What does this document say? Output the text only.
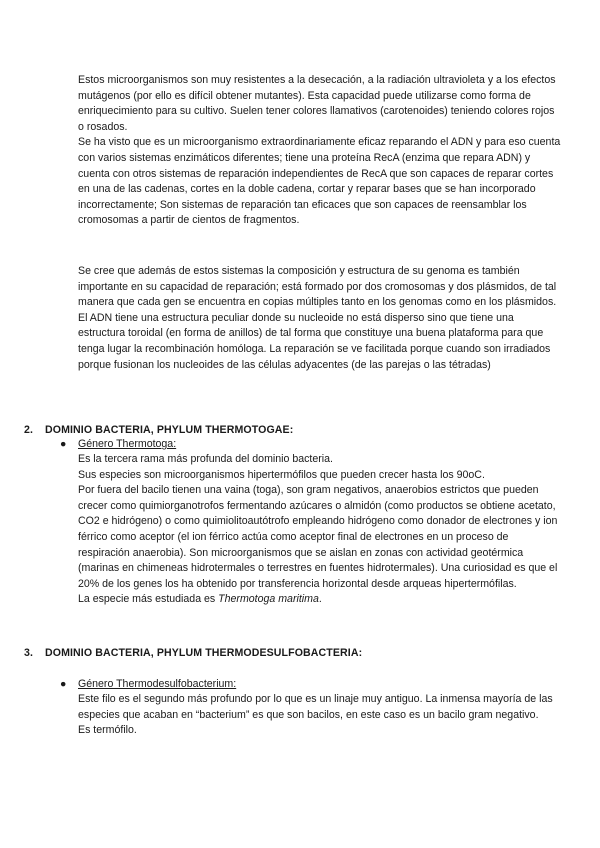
Estos microorganismos son muy resistentes a la desecación, a la radiación ultravioleta y a los efectos mutágenos (por ello es difícil obtener mutantes). Esta capacidad puede utilizarse como forma de enriquecimiento para su cultivo. Suelen tener colores llamativos (carotenoides) teniendo colores rojos o rosados.

Se ha visto que es un microorganismo extraordinariamente eficaz reparando el ADN y para eso cuenta con varios sistemas enzimáticos diferentes; tiene una proteína RecA (enzima que repara ADN) y cuenta con otros sistemas de reparación independientes de RecA que son capaces de reparar cortes en una de las cadenas, cortes en la doble cadena, cortar y reparar bases que se han incorporado incorrectamente; Son sistemas de reparación tan eficaces que son capaces de reensamblar los cromosomas a partir de cientos de fragmentos.

Se cree que además de estos sistemas la composición y estructura de su genoma es también importante en su capacidad de reparación; está formado por dos cromosomas y dos plásmidos, de tal manera que cada gen se encuentra en copias múltiples tanto en los genomas como en los plásmidos.

El ADN tiene una estructura peculiar donde su nucleoide no está disperso sino que tiene una estructura toroidal (en forma de anillos) de tal forma que constituye una buena plataforma para que tenga lugar la recombinación homóloga. La reparación se ve facilitada porque cuando son irradiados porque fusionan los nucleoides de las células adyacentes (de las parejas o las tétradas)

2. DOMINIO BACTERIA, PHYLUM THERMOTOGAE:
● Género Thermotoga:

Es la tercera rama más profunda del dominio bacteria.

Sus especies son microorganismos hipertermófilos que pueden crecer hasta los 90oC.

Por fuera del bacilo tienen una vaina (toga), son gram negativos, anaerobios estrictos que pueden crecer como quimiorganotrofos fermentando azúcares o almidón (como productos se obtiene acetato, CO2 e hidrógeno) o como quimiolitoautótrofo empleando hidrógeno como donador de electrones y ion férrico como aceptor (el ion férrico actúa como aceptor final de electrones en un proceso de respiración anaerobia). Son microorganismos que se aislan en zonas con actividad geotérmica (marinas en chimeneas hidrotermales o terrestres en fuentes hidrotermales). Una curiosidad es que el 20% de los genes los ha obtenido por transferencia horizontal desde arqueas hipertermófilas.

La especie más estudiada es Thermotoga maritima.

3. DOMINIO BACTERIA, PHYLUM THERMODESULFOBACTERIA:
● Género Thermodesulfobacterium:

Este filo es el segundo más profundo por lo que es un linaje muy antiguo. La inmensa mayoría de las especies que acaban en “bacterium” es que son bacilos, en este caso es un bacilo gram negativo.

Es termófilo.
